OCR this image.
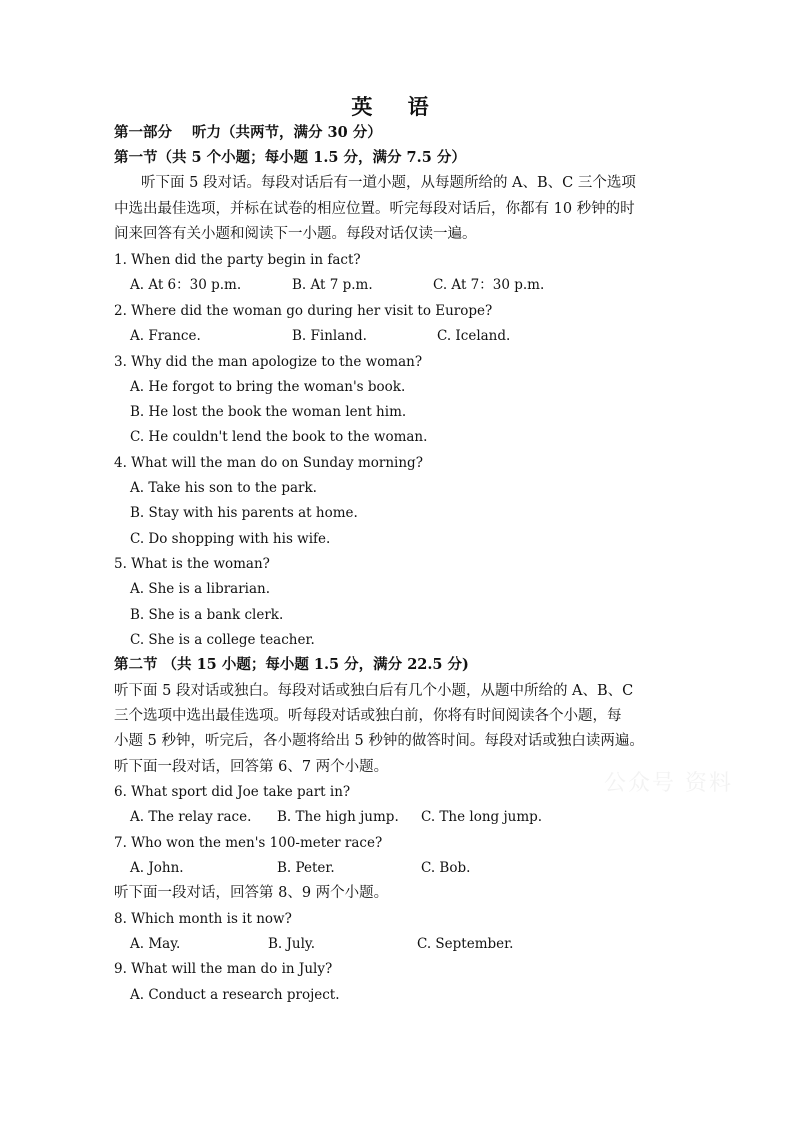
英 语
第一部分 听力（共两节，满分 30 分）
第一节（共 5 个小题；每小题 1.5 分，满分 7.5 分）
听下面 5 段对话。每段对话后有一道小题，从每题所给的 A、B、C 三个选项
中选出最佳选项，并标在试卷的相应位置。听完每段对话后，你都有 10 秒钟的时
间来回答有关小题和阅读下一小题。每段对话仅读一遍。
1. When did the party begin in fact?
A. At 6：30 p.m.	B. At 7 p.m.	C. At 7：30 p.m.
2. Where did the woman go during her visit to Europe?
A. France.	B. Finland.	C. Iceland.
3. Why did the man apologize to the woman?
A. He forgot to bring the woman's book.
B. He lost the book the woman lent him.
C. He couldn't lend the book to the woman.
4. What will the man do on Sunday morning?
A. Take his son to the park.
B. Stay with his parents at home.
C. Do shopping with his wife.
5. What is the woman?
A. She is a librarian.
B. She is a bank clerk.
C. She is a college teacher.
第二节 （共 15 小题；每小题 1.5 分，满分 22.5 分)
听下面 5 段对话或独白。每段对话或独白后有几个小题，从题中所给的 A、B、C
三个选项中选出最佳选项。听每段对话或独白前，你将有时间阅读各个小题，每
小题 5 秒钟，听完后，各小题将给出 5 秒钟的做答时间。每段对话或独白读两遍。
听下面一段对话，回答第 6、7 两个小题。
6. What sport did Joe take part in?
A. The relay race. B. The high jump. C. The long jump.
7. Who won the men's 100-meter race?
A. John.	B. Peter.	C. Bob.
听下面一段对话，回答第 8、9 两个小题。
8. Which month is it now?
A. May.	B. July.	C. September.
9. What will the man do in July?
A. Conduct a research project.
公众号 资料
